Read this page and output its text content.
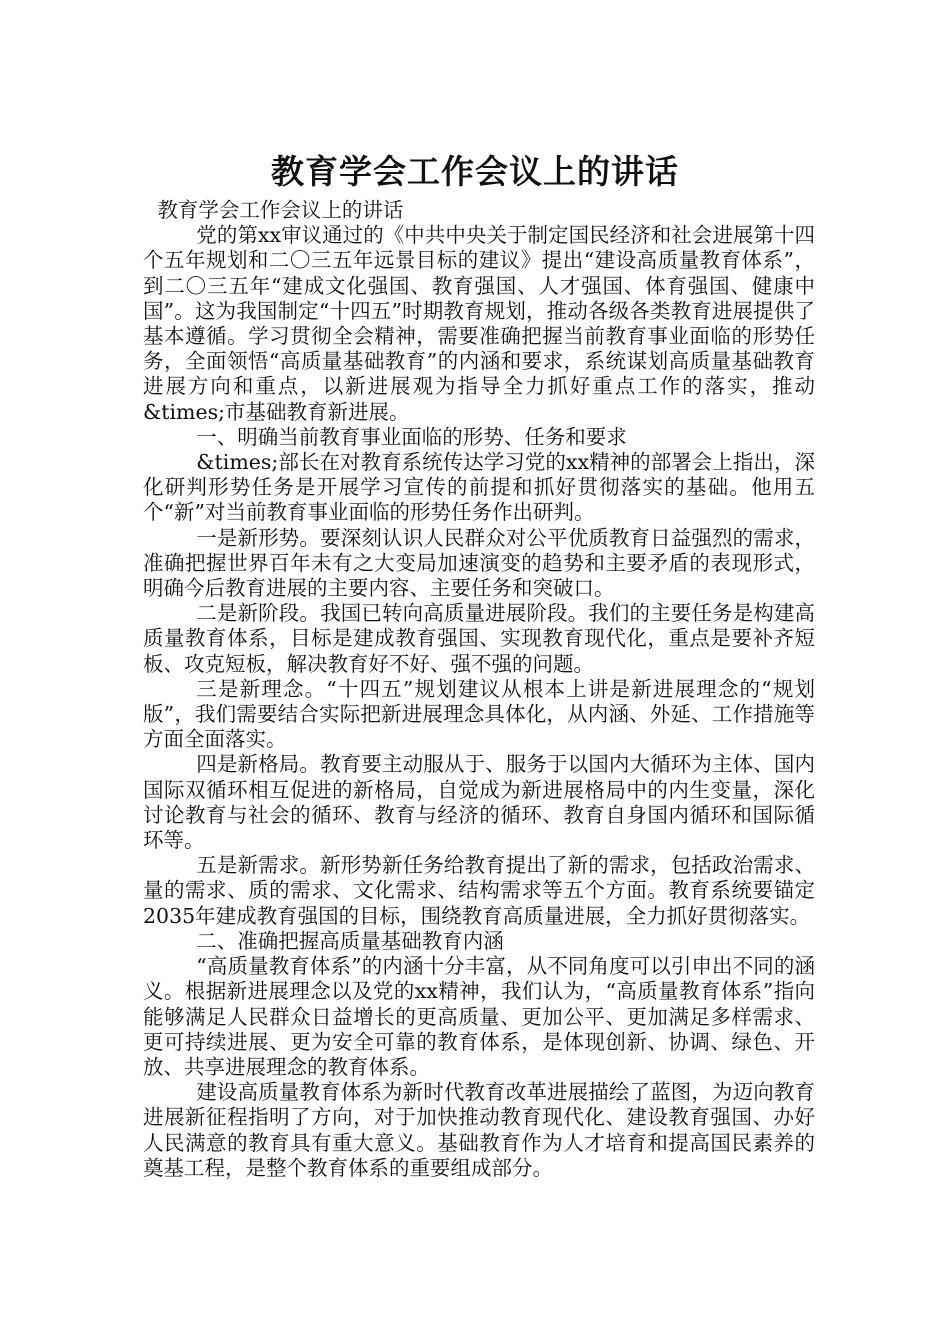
教育学会工作会议上的讲话

教育学会工作会议上的讲话

党的第xx审议通过的《中共中央关于制定国民经济和社会进展第十四个五年规划和二〇三五年远景目标的建议》提出“建设高质量教育体系”，到二〇三五年“建成文化强国、教育强国、人才强国、体育强国、健康中国”。这为我国制定“十四五”时期教育规划，推动各级各类教育进展提供了基本遵循。学习贯彻全会精神，需要准确把握当前教育事业面临的形势任务，全面领悟“高质量基础教育”的内涵和要求，系统谋划高质量基础教育进展方向和重点，以新进展观为指导全力抓好重点工作的落实，推动&times;市基础教育新进展。

一、明确当前教育事业面临的形势、任务和要求

&times;部长在对教育系统传达学习党的xx精神的部署会上指出，深化研判形势任务是开展学习宣传的前提和抓好贯彻落实的基础。他用五个“新”对当前教育事业面临的形势任务作出研判。

一是新形势。要深刻认识人民群众对公平优质教育日益强烈的需求，准确把握世界百年未有之大变局加速演变的趋势和主要矛盾的表现形式，明确今后教育进展的主要内容、主要任务和突破口。

二是新阶段。我国已转向高质量进展阶段。我们的主要任务是构建高质量教育体系，目标是建成教育强国、实现教育现代化，重点是要补齐短板、攻克短板，解决教育好不好、强不强的问题。

三是新理念。“十四五”规划建议从根本上讲是新进展理念的“规划版”，我们需要结合实际把新进展理念具体化，从内涵、外延、工作措施等方面全面落实。

四是新格局。教育要主动服从于、服务于以国内大循环为主体、国内国际双循环相互促进的新格局，自觉成为新进展格局中的内生变量，深化讨论教育与社会的循环、教育与经济的循环、教育自身国内循环和国际循环等。

五是新需求。新形势新任务给教育提出了新的需求，包括政治需求、量的需求、质的需求、文化需求、结构需求等五个方面。教育系统要锚定2035年建成教育强国的目标，围绕教育高质量进展，全力抓好贯彻落实。

二、准确把握高质量基础教育内涵

“高质量教育体系”的内涵十分丰富，从不同角度可以引申出不同的涵义。根据新进展理念以及党的xx精神，我们认为，“高质量教育体系”指向能够满足人民群众日益增长的更高质量、更加公平、更加满足多样需求、更可持续进展、更为安全可靠的教育体系，是体现创新、协调、绿色、开放、共享进展理念的教育体系。

建设高质量教育体系为新时代教育改革进展描绘了蓝图，为迈向教育进展新征程指明了方向，对于加快推动教育现代化、建设教育强国、办好人民满意的教育具有重大意义。基础教育作为人才培育和提高国民素养的奠基工程，是整个教育体系的重要组成部分。
